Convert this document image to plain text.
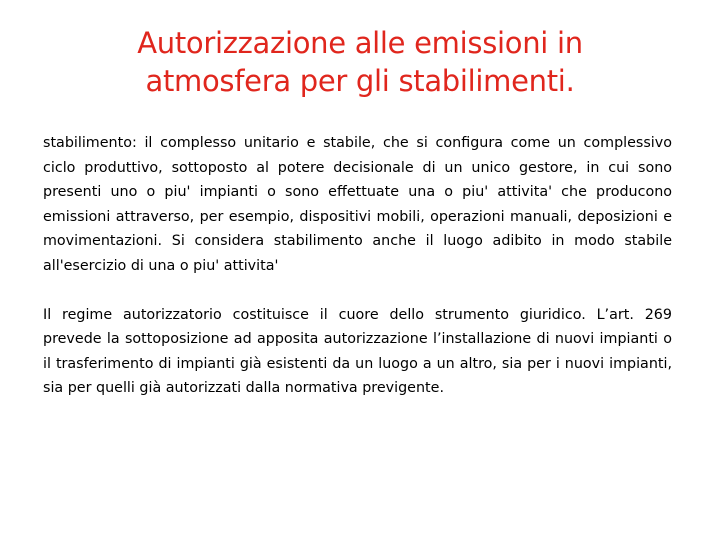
Autorizzazione alle emissioni in
atmosfera per gli stabilimenti.

stabilimento: il complesso unitario e stabile, che si configura come un complessivo ciclo produttivo, sottoposto al potere decisionale di un unico gestore, in cui sono presenti uno o piu' impianti o sono effettuate una o piu' attivita' che producono emissioni attraverso, per esempio, dispositivi mobili, operazioni manuali, deposizioni e movimentazioni. Si considera stabilimento anche il luogo adibito in modo stabile all'esercizio di una o piu' attivita'

Il regime autorizzatorio costituisce il cuore dello strumento giuridico. L’art. 269 prevede la sottoposizione ad apposita autorizzazione l’installazione di nuovi impianti o il trasferimento di impianti già esistenti da un luogo a un altro, sia per i nuovi impianti, sia per quelli già autorizzati dalla normativa previgente.
